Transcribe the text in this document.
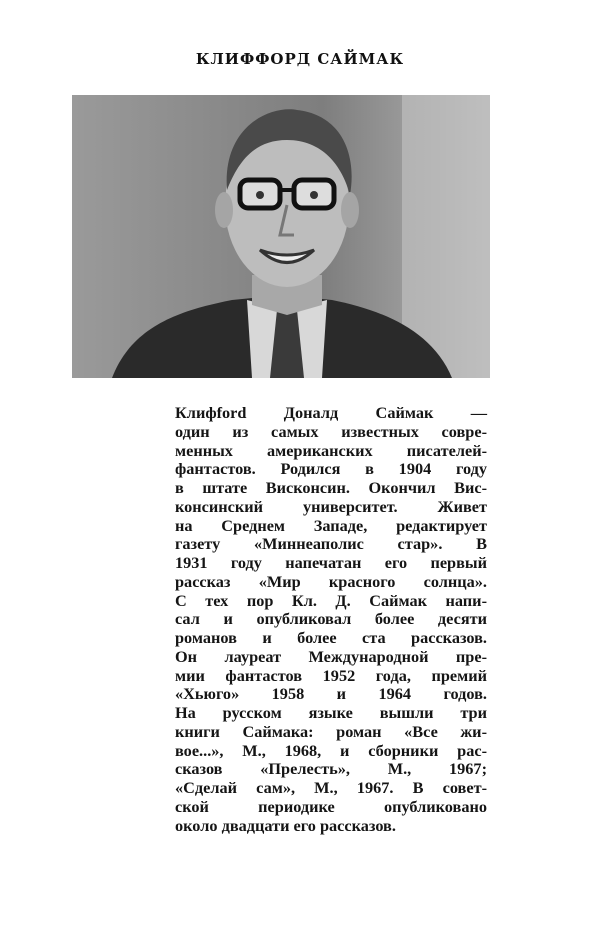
КЛИФФОРД САЙМАК
Клифford Доналд Саймак —
один из самых известных совре-
менных американских писателей-
фантастов. Родился в 1904 году
в штате Висконсин. Окончил Вис-
консинский университет. Живет
на Среднем Западе, редактирует
газету «Миннеаполис стар». В
1931 году напечатан его первый
рассказ «Мир красного солнца».
С тех пор Кл. Д. Саймак напи-
сал и опубликовал более десяти
романов и более ста рассказов.
Он лауреат Международной пре-
мии фантастов 1952 года, премий
«Хьюго» 1958 и 1964 годов.
На русском языке вышли три
книги Саймака: роман «Все жи-
вое...», М., 1968, и сборники рас-
сказов «Прелесть», М., 1967;
«Сделай сам», М., 1967. В совет-
ской периодике опубликовано
около двадцати его рассказов.
